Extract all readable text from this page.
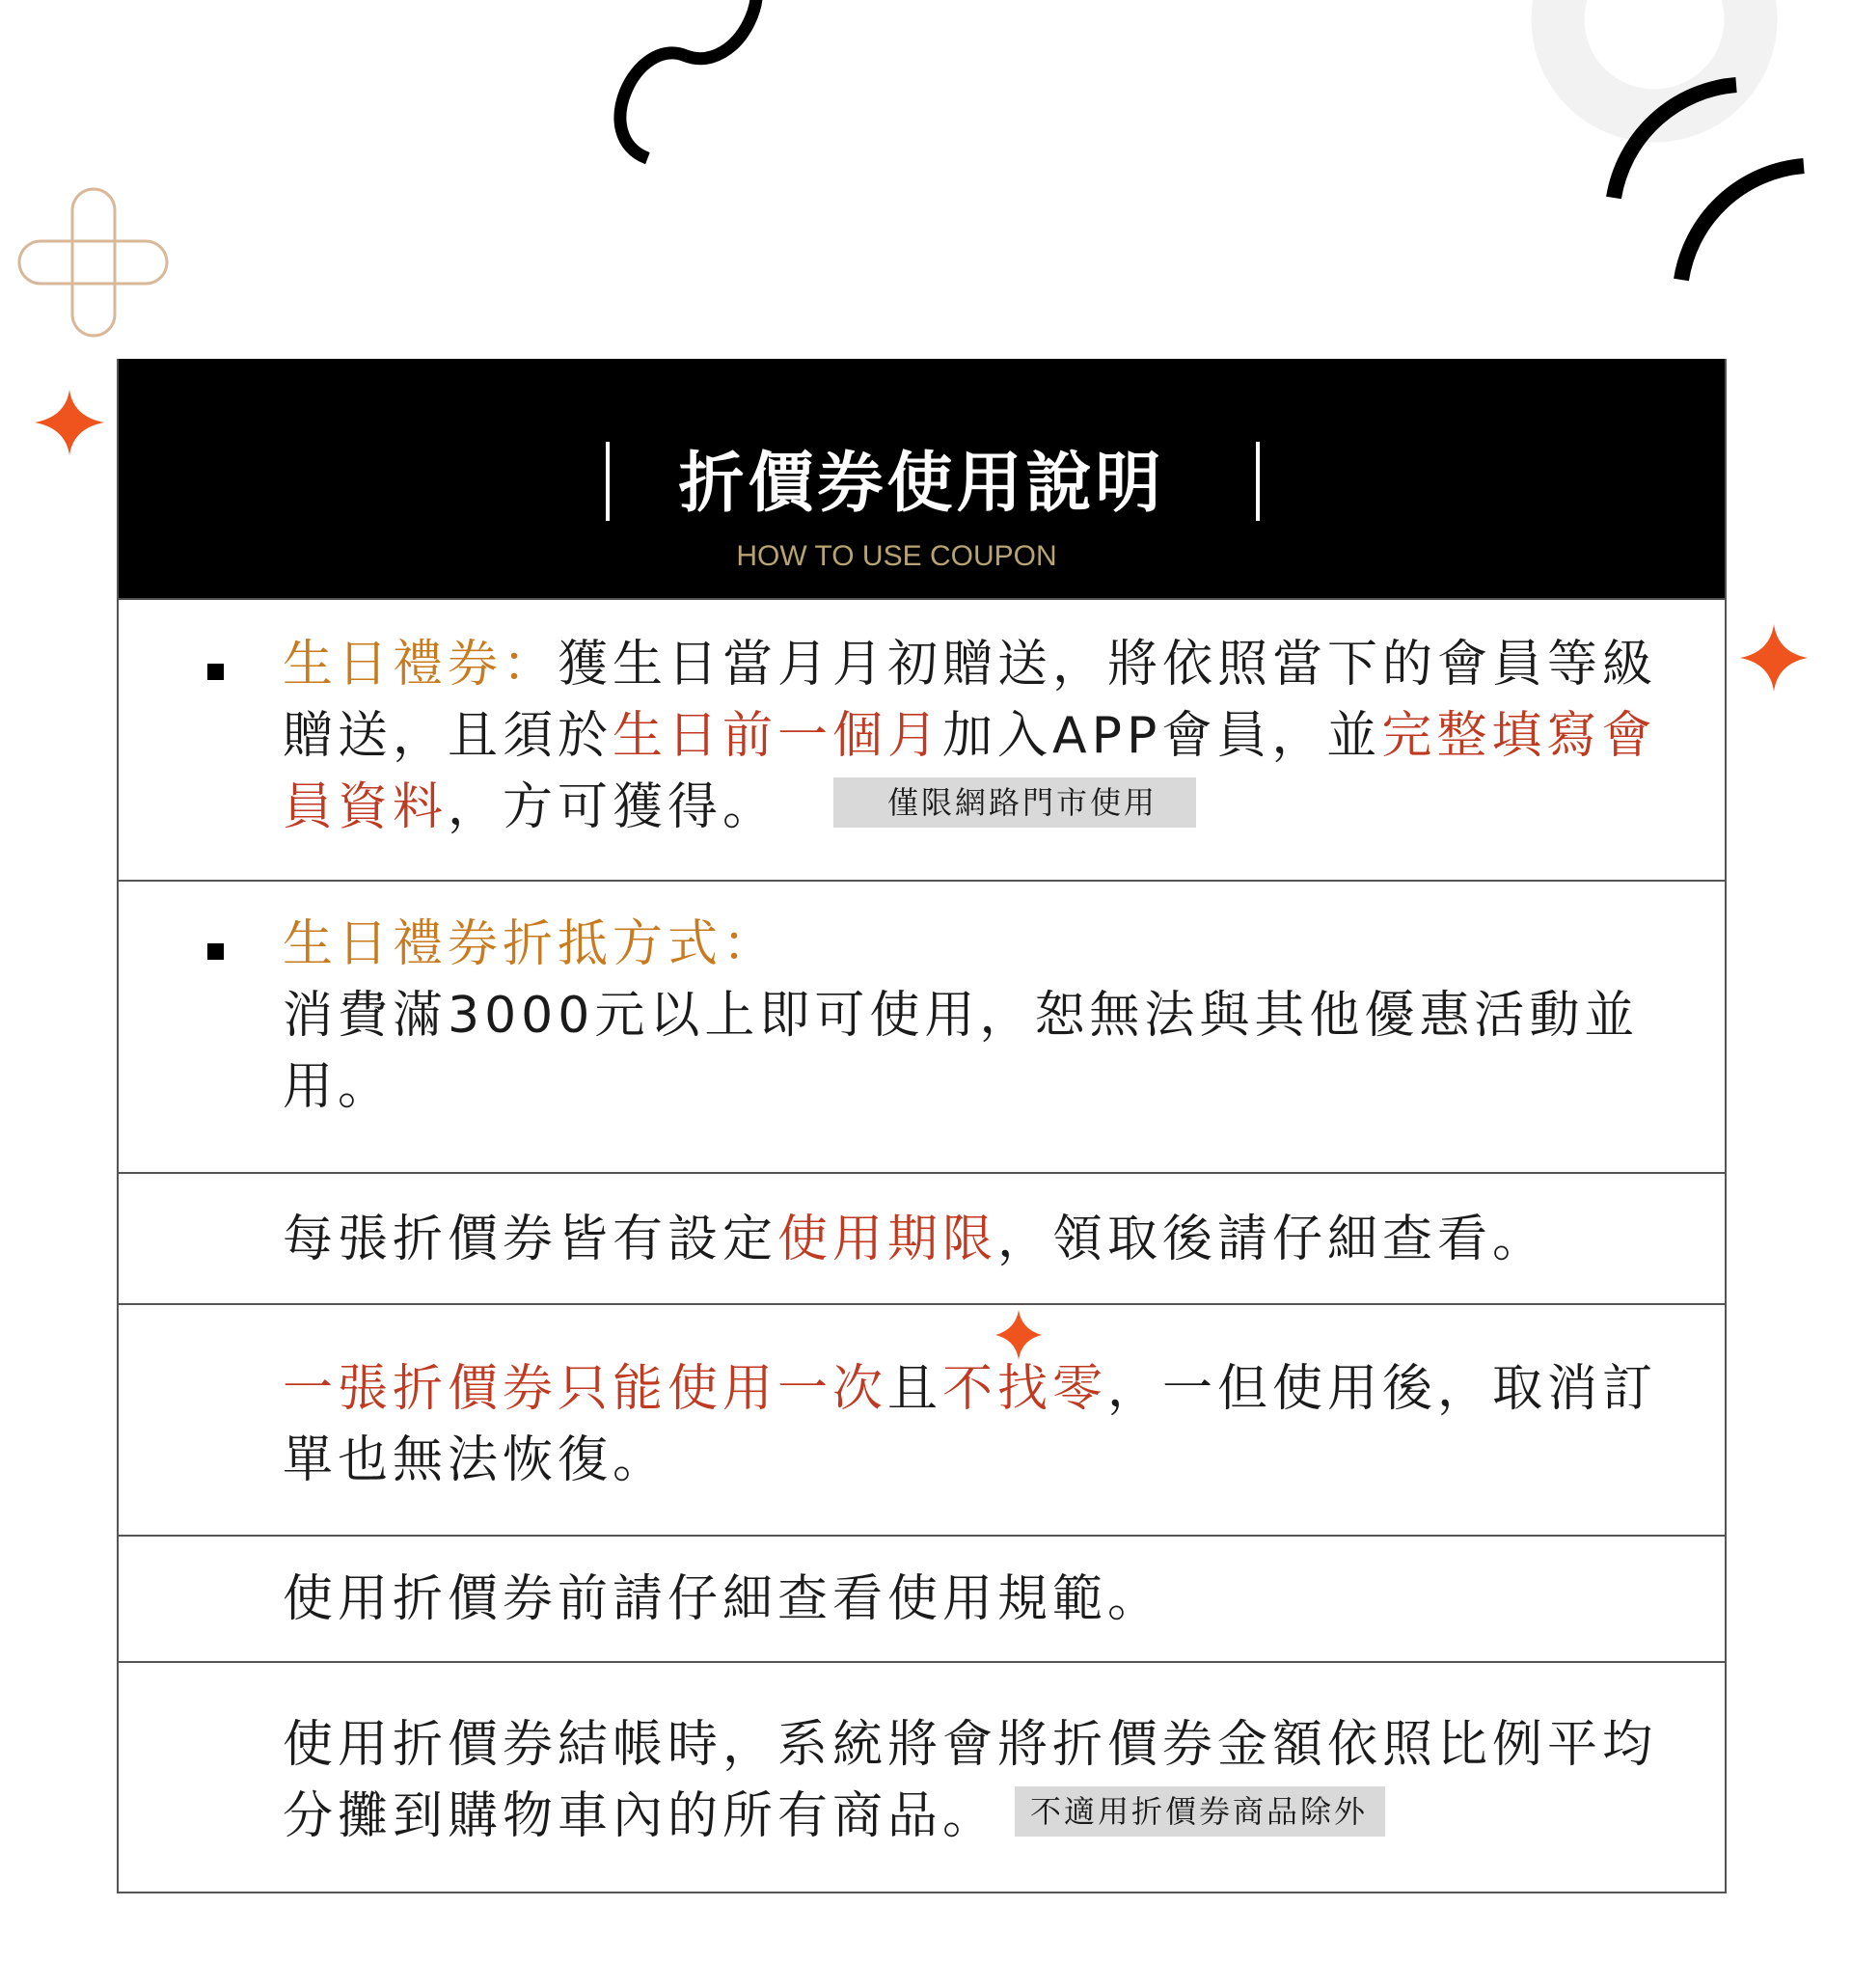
折價券使用說明
HOW TO USE COUPON
生日禮券：獲生日當月月初贈送，將依照當下的會員等級贈送，且須於生日前一個月加入APP會員，並完整填寫會員資料，方可獲得。	僅限網路門市使用
生日禮券折抵方式：
消費滿3000元以上即可使用，恕無法與其他優惠活動並用。
每張折價券皆有設定使用期限，領取後請仔細查看。
一張折價券只能使用一次且不找零，一但使用後，取消訂單也無法恢復。
使用折價券前請仔細查看使用規範。
使用折價券結帳時，系統將會將折價券金額依照比例平均分攤到購物車內的所有商品。 不適用折價券商品除外
